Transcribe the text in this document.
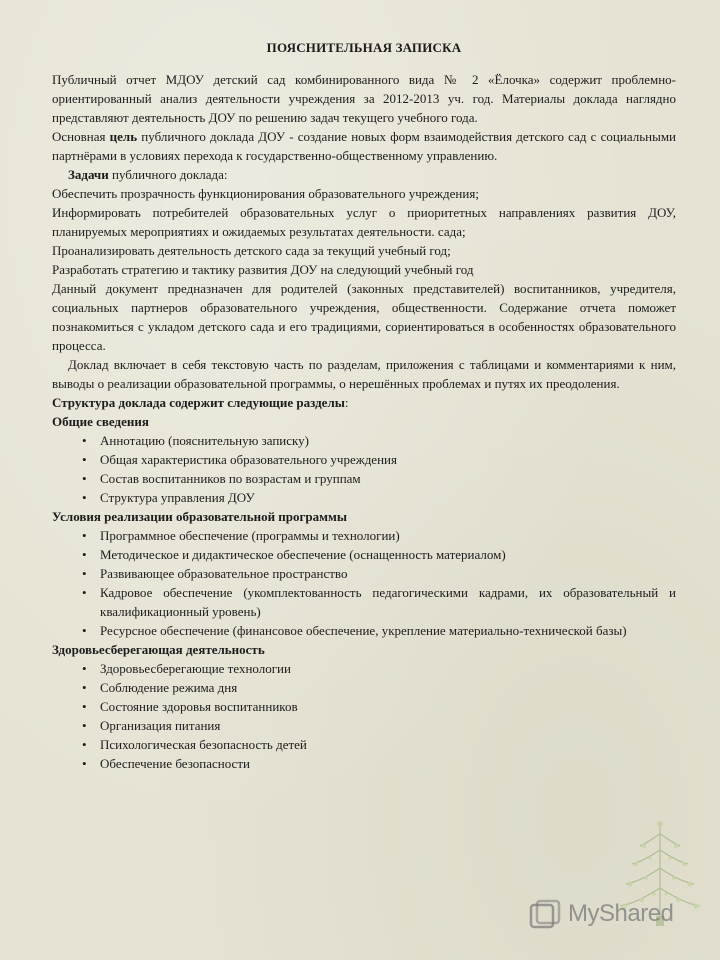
ПОЯСНИТЕЛЬНАЯ ЗАПИСКА

Публичный отчет МДОУ детский сад комбинированного вида № 2 «Ёлочка» содержит проблемно-ориентированный анализ деятельности учреждения за 2012-2013 уч. год. Материалы доклада наглядно представляют деятельность ДОУ по решению задач текущего учебного года.

Основная цель публичного доклада ДОУ - создание новых форм взаимодействия детского сад с социальными партнёрами в условиях перехода к государственно-общественному управлению.

Задачи публичного доклада:

Обеспечить прозрачность функционирования образовательного учреждения;

Информировать потребителей образовательных услуг о приоритетных направлениях развития ДОУ, планируемых мероприятиях и ожидаемых результатах деятельности. сада;

Проанализировать деятельность детского сада за текущий учебный год;

Разработать стратегию и тактику развития ДОУ на следующий учебный год

Данный документ предназначен для родителей (законных представителей) воспитанников, учредителя, социальных партнеров образовательного учреждения, общественности. Содержание отчета поможет познакомиться с укладом детского сада и его традициями, сориентироваться в особенностях образовательного процесса.

Доклад включает в себя текстовую часть по разделам, приложения с таблицами и комментариями к ним, выводы о реализации образовательной программы, о нерешённых проблемах и путях их преодоления.

Структура доклада содержит следующие разделы:

Общие сведения

• Аннотацию (пояснительную записку)
• Общая характеристика образовательного учреждения
• Состав воспитанников по возрастам и группам
• Структура управления ДОУ

Условия реализации образовательной программы

• Программное обеспечение (программы и технологии)
• Методическое и дидактическое обеспечение (оснащенность материалом)
• Развивающее образовательное пространство
• Кадровое обеспечение (укомплектованность педагогическими кадрами, их образовательный и квалификационный уровень)
• Ресурсное обеспечение (финансовое обеспечение, укрепление материально-технической базы)

Здоровьесберегающая деятельность

• Здоровьесберегающие технологии
• Соблюдение режима дня
• Состояние здоровья воспитанников
• Организация питания
• Психологическая безопасность детей
• Обеспечение безопасности
MyShared
